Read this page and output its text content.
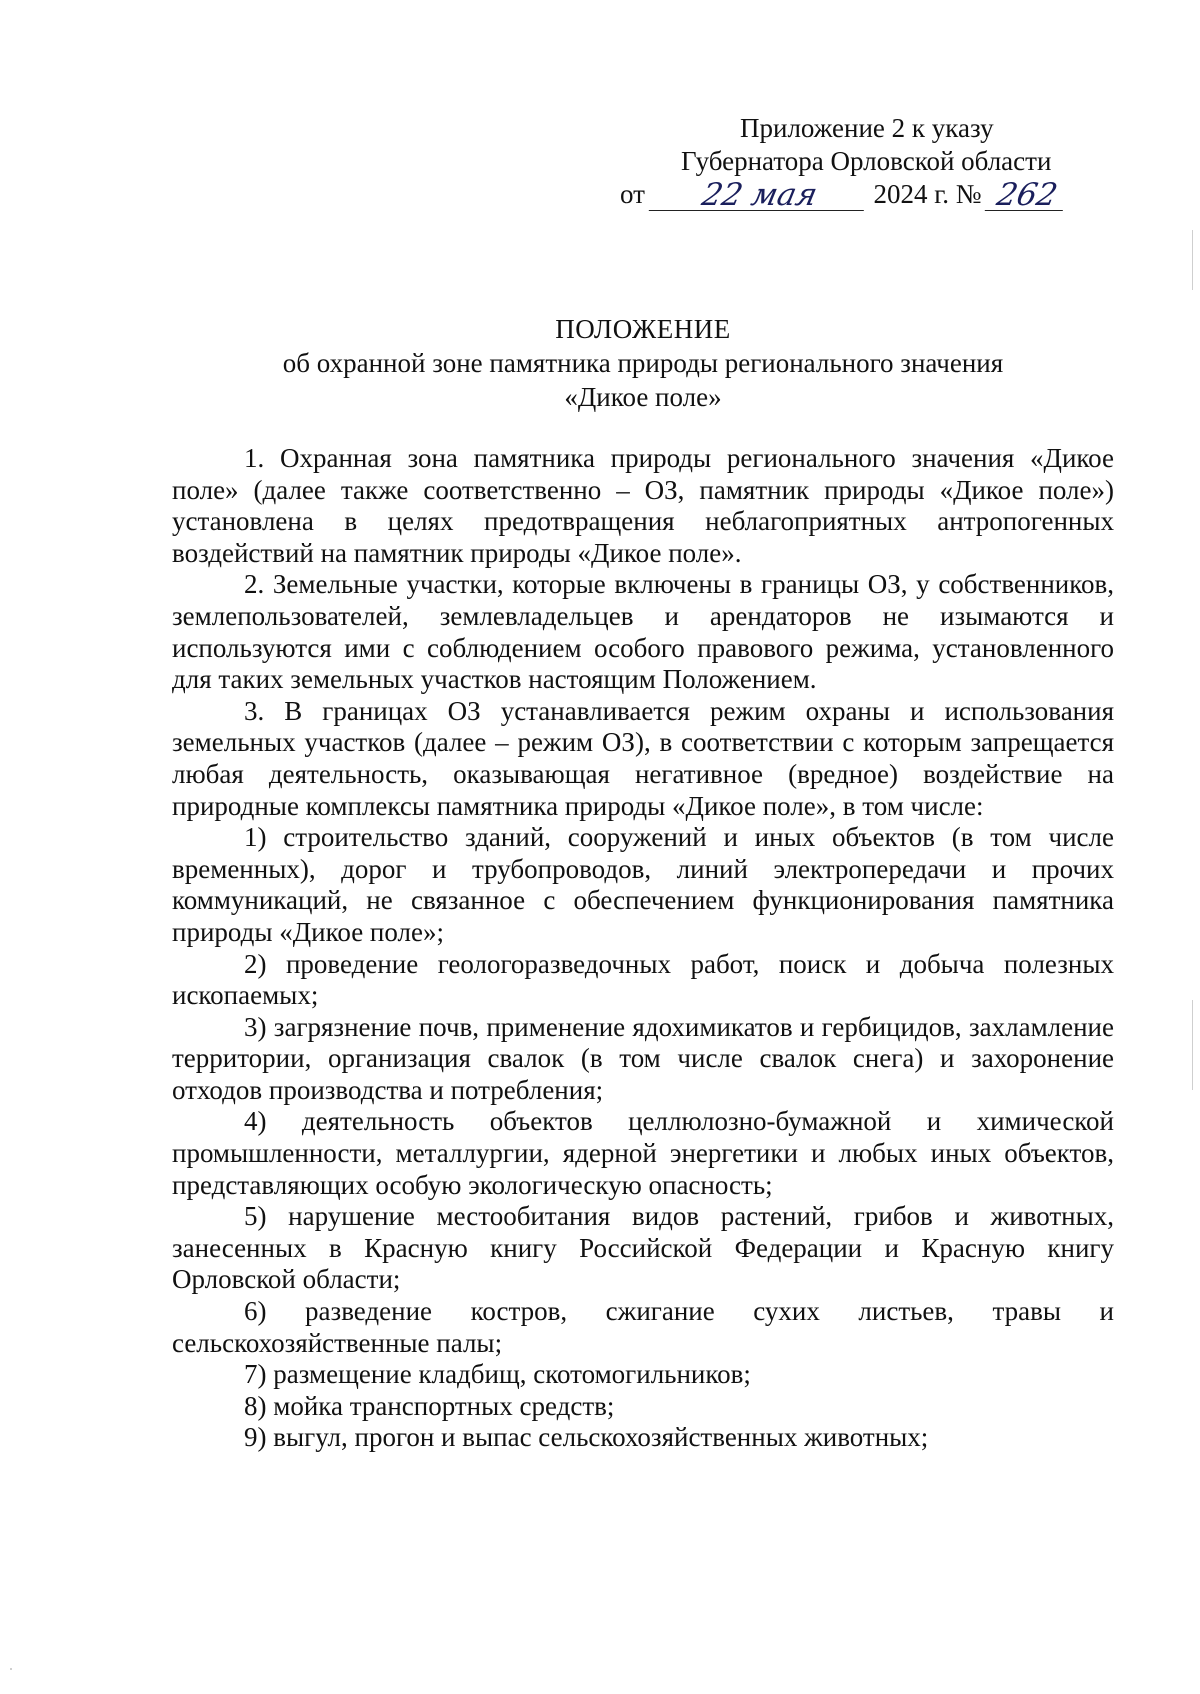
Приложение 2 к указу
Губернатора Орловской области
от 22 мая 2024 г. № 262
ПОЛОЖЕНИЕ
об охранной зоне памятника природы регионального значения
«Дикое поле»

1. Охранная зона памятника природы регионального значения «Дикое поле» (далее также соответственно – ОЗ, памятник природы «Дикое поле») установлена в целях предотвращения неблагоприятных антропогенных воздействий на памятник природы «Дикое поле».

2. Земельные участки, которые включены в границы ОЗ, у собственников, землепользователей, землевладельцев и арендаторов не изымаются и используются ими с соблюдением особого правового режима, установленного для таких земельных участков настоящим Положением.

3. В границах ОЗ устанавливается режим охраны и использования земельных участков (далее – режим ОЗ), в соответствии с которым запрещается любая деятельность, оказывающая негативное (вредное) воздействие на природные комплексы памятника природы «Дикое поле», в том числе:

1) строительство зданий, сооружений и иных объектов (в том числе временных), дорог и трубопроводов, линий электропередачи и прочих коммуникаций, не связанное с обеспечением функционирования памятника природы «Дикое поле»;

2) проведение геологоразведочных работ, поиск и добыча полезных ископаемых;

3) загрязнение почв, применение ядохимикатов и гербицидов, захламление территории, организация свалок (в том числе свалок снега) и захоронение отходов производства и потребления;

4) деятельность объектов целлюлозно-бумажной и химической промышленности, металлургии, ядерной энергетики и любых иных объектов, представляющих особую экологическую опасность;

5) нарушение местообитания видов растений, грибов и животных, занесенных в Красную книгу Российской Федерации и Красную книгу Орловской области;

6) разведение костров, сжигание сухих листьев, травы и сельскохозяйственные палы;

7) размещение кладбищ, скотомогильников;

8) мойка транспортных средств;

9) выгул, прогон и выпас сельскохозяйственных животных;
